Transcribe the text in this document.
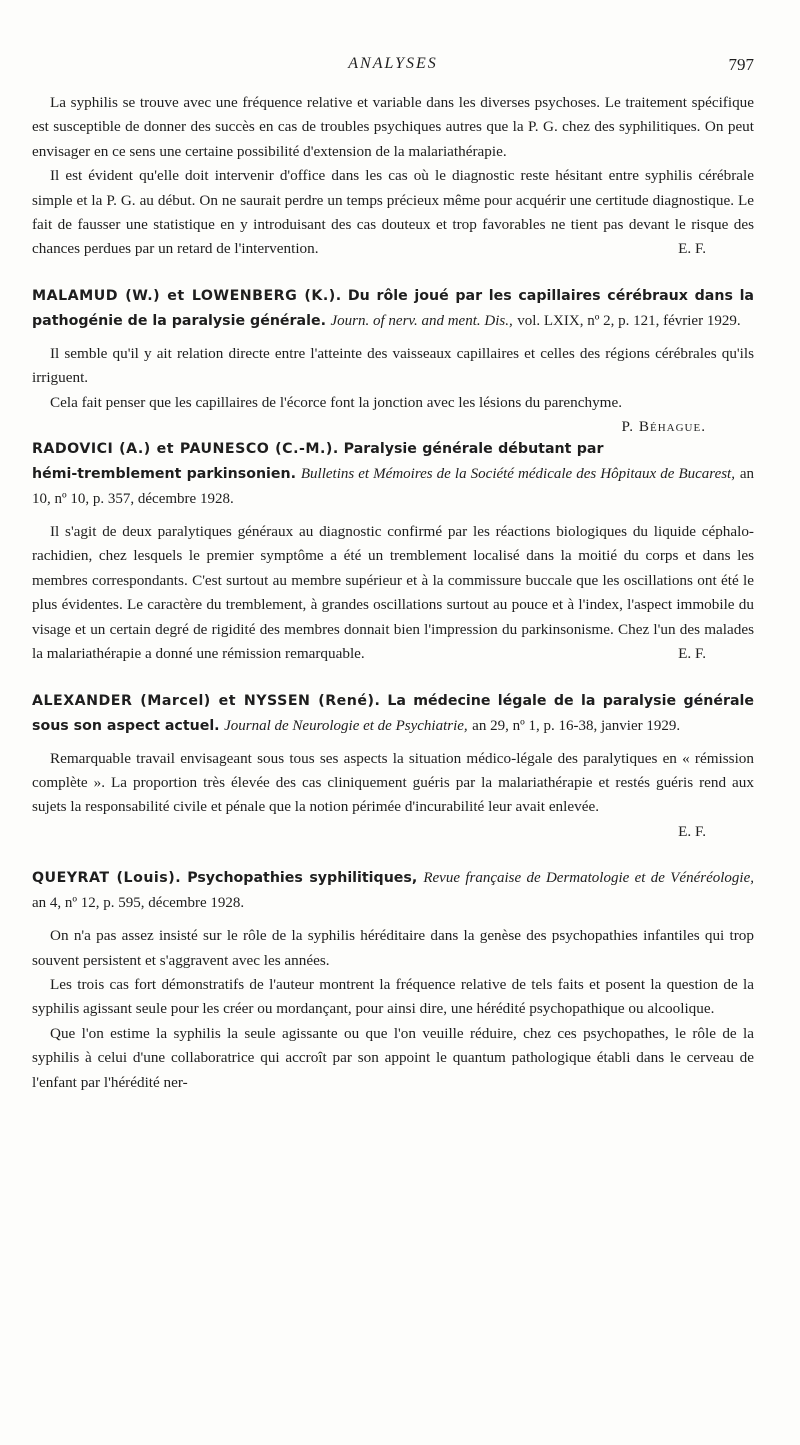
ANALYSES	797

La syphilis se trouve avec une fréquence relative et variable dans les diverses psychoses. Le traitement spécifique est susceptible de donner des succès en cas de troubles psychiques autres que la P. G. chez des syphilitiques. On peut envisager en ce sens une certaine possibilité d'extension de la malariathérapie.

Il est évident qu'elle doit intervenir d'office dans les cas où le diagnostic reste hésitant entre syphilis cérébrale simple et la P. G. au début. On ne saurait perdre un temps précieux même pour acquérir une certitude diagnostique. Le fait de fausser une statistique en y introduisant des cas douteux et trop favorables ne tient pas devant le risque des chances perdues par un retard de l'intervention.	E. F.

MALAMUD (W.) et LOWENBERG (K.). Du rôle joué par les capillaires cérébraux dans la pathogénie de la paralysie générale. Journ. of nerv. and ment. Dis., vol. LXIX, nº 2, p. 121, février 1929.

Il semble qu'il y ait relation directe entre l'atteinte des vaisseaux capillaires et celles des régions cérébrales qu'ils irriguent.

Cela fait penser que les capillaires de l'écorce font la jonction avec les lésions du parenchyme.
P. Béhague.

RADOVICI (A.) et PAUNESCO (C.-M.). Paralysie générale débutant par hémi-tremblement parkinsonien. Bulletins et Mémoires de la Société médicale des Hôpitaux de Bucarest, an 10, nº 10, p. 357, décembre 1928.

Il s'agit de deux paralytiques généraux au diagnostic confirmé par les réactions biologiques du liquide céphalo-rachidien, chez lesquels le premier symptôme a été un tremblement localisé dans la moitié du corps et dans les membres correspondants. C'est surtout au membre supérieur et à la commissure buccale que les oscillations ont été le plus évidentes. Le caractère du tremblement, à grandes oscillations surtout au pouce et à l'index, l'aspect immobile du visage et un certain degré de rigidité des membres donnait bien l'impression du parkinsonisme. Chez l'un des malades la malariathérapie a donné une rémission remarquable.	E. F.

ALEXANDER (Marcel) et NYSSEN (René). La médecine légale de la paralysie générale sous son aspect actuel. Journal de Neurologie et de Psychiatrie, an 29, nº 1, p. 16-38, janvier 1929.

Remarquable travail envisageant sous tous ses aspects la situation médico-légale des paralytiques en « rémission complète ». La proportion très élevée des cas cliniquement guéris par la malariathérapie et restés guéris rend aux sujets la responsabilité civile et pénale que la notion périmée d'incurabilité leur avait enlevée.

E. F.
QUEYRAT (Louis). Psychopathies syphilitiques, Revue française de Dermatologie et de Vénéréologie, an 4, nº 12, p. 595, décembre 1928.

On n'a pas assez insisté sur le rôle de la syphilis héréditaire dans la genèse des psychopathies infantiles qui trop souvent persistent et s'aggravent avec les années.

Les trois cas fort démonstratifs de l'auteur montrent la fréquence relative de tels faits et posent la question de la syphilis agissant seule pour les créer ou mordançant, pour ainsi dire, une hérédité psychopathique ou alcoolique.

Que l'on estime la syphilis la seule agissante ou que l'on veuille réduire, chez ces psychopathes, le rôle de la syphilis à celui d'une collaboratrice qui accroît par son appoint le quantum pathologique établi dans le cerveau de l'enfant par l'hérédité ner-
